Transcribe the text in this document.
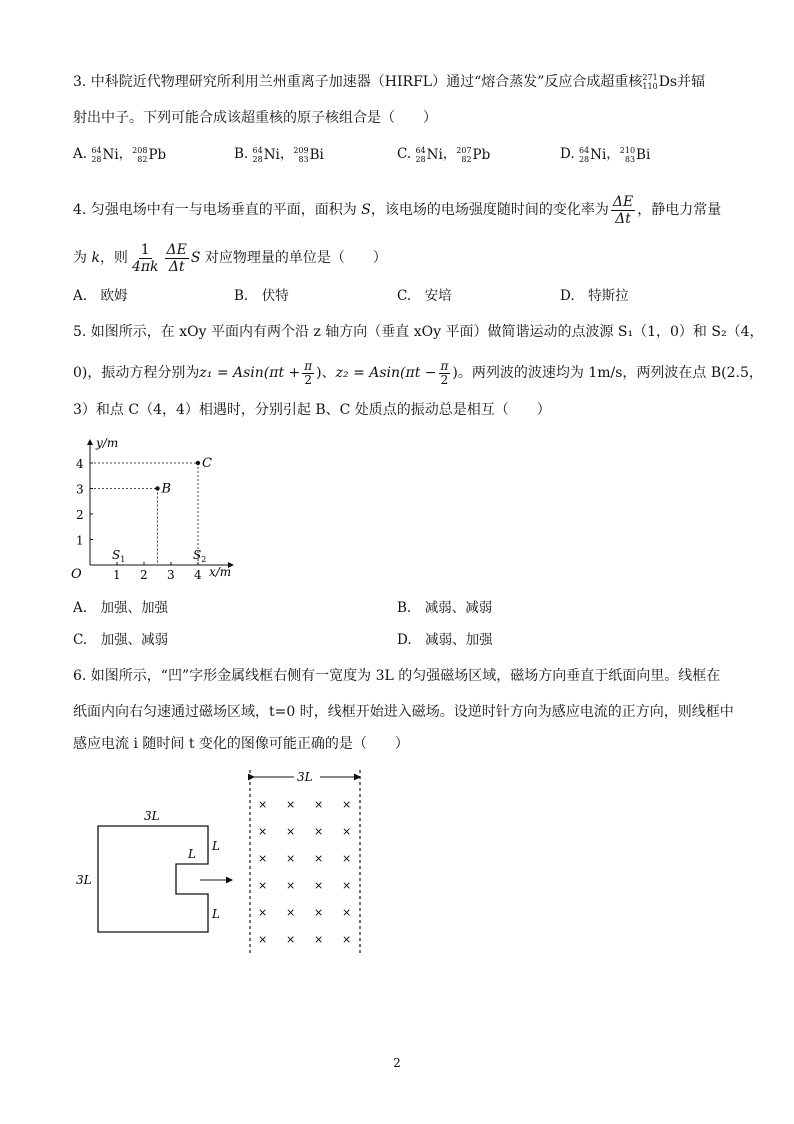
3. 中科院近代物理研究所利用兰州重离子加速器（HIRFL）通过“熔合蒸发”反应合成超重核 271
110 Ds并辐
射出中子。下列可能合成该超重核的原子核组合是（　　）
A. 64
28 Ni， 208
82 Pb	B. 64
28 Ni， 209
83 Bi	C. 64
28 Ni， 207
82 Pb	D. 64
28 Ni， 210
83 Bi
4. 匀强电场中有一与电场垂直的平面，面积为 S，该电场的电场强度随时间的变化率为 $\frac{\Delta E}{\Delta t}$ ，静电力常量
为 k，则 $\frac{1}{4\pi k} \frac{\Delta E}{\Delta t}$ S 对应物理量的单位是（　　）
A.　欧姆	B.　伏特	C.　安培	D.　特斯拉
5. 如图所示，在 xOy 平面内有两个沿 z 轴方向（垂直 xOy 平面）做简谐运动的点波源 S₁（1，0）和 S₂（4，
0)，振动方程分别为$z_1 = Asin(\pi t + \frac{\pi}{2}$ )、$z_2 = Asin(\pi t - \frac{\pi}{2}$ )。两列波的波速均为 1m/s，两列波在点 B(2.5，
3）和点 C（4，4）相遇时，分别引起 B、C 处质点的振动总是相互（　　）
y/m
x/m
O	1 2 3 4
1
2
3
4
B
C
$S_1$	$S_2$
A.　加强、加强	B.　减弱、减弱
C.　加强、减弱	D.　减弱、加强
6. 如图所示，“凹”字形金属线框右侧有一宽度为 3L 的匀强磁场区域，磁场方向垂直于纸面向里。线框在
纸面内向右匀速通过磁场区域，t=0 时，线框开始进入磁场。设逆时针方向为感应电流的正方向，则线框中
感应电流 i 随时间 t 变化的图像可能正确的是（　　）
3L
× × × ×
× × × ×
× × × ×
× × × ×
× × × ×
× × × ×
3L
3L
L
L
L
2
